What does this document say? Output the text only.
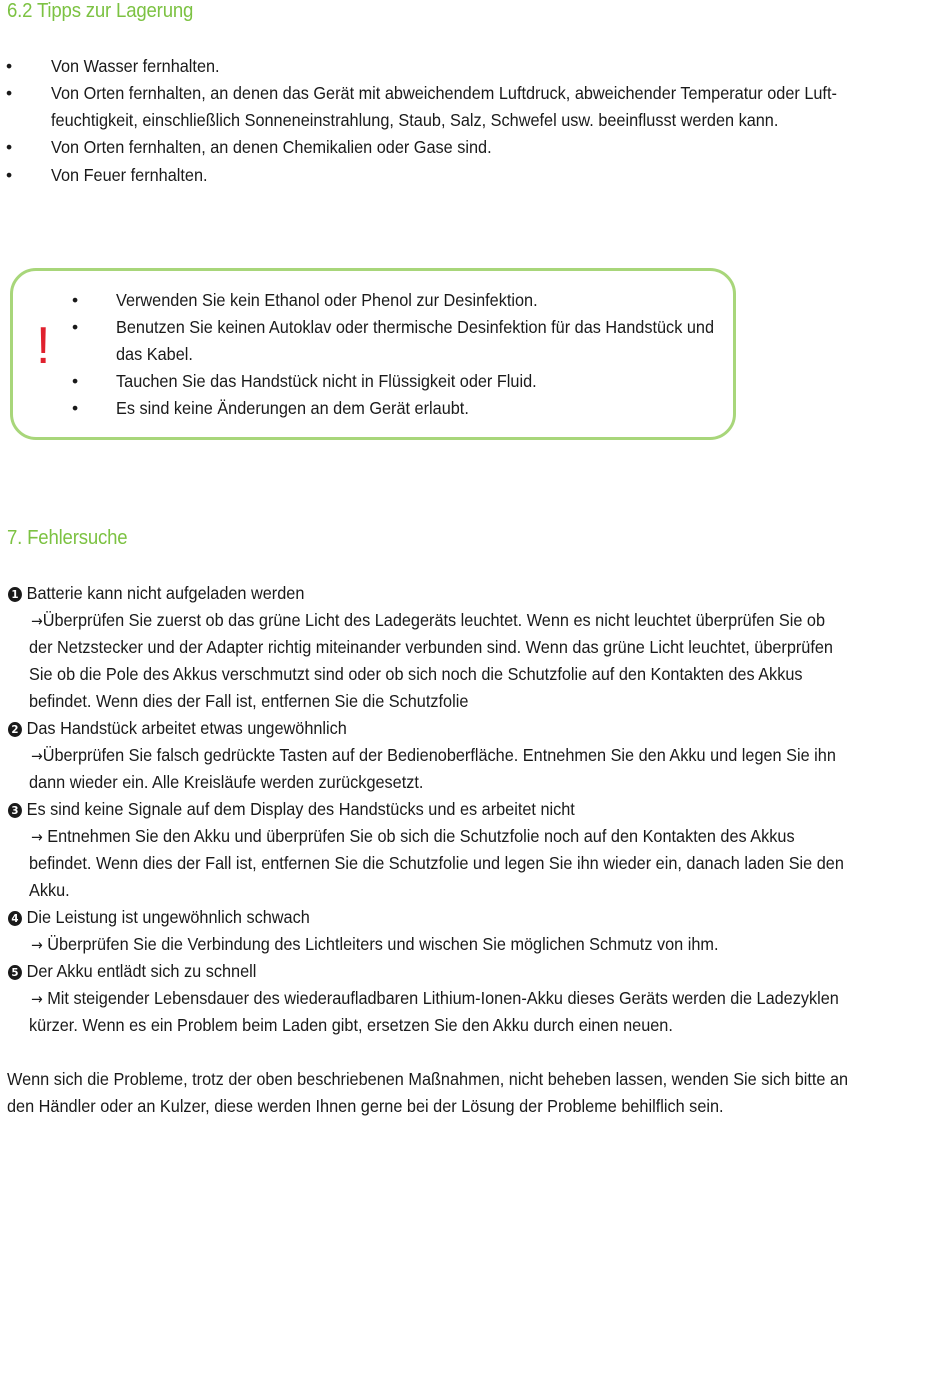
6.2 Tipps zur Lagerung
• Von Wasser fernhalten.
• Von Orten fernhalten, an denen das Gerät mit abweichendem Luftdruck, abweichender Temperatur oder Luft-
feuchtigkeit, einschließlich Sonneneinstrahlung, Staub, Salz, Schwefel usw. beeinflusst werden kann.
• Von Orten fernhalten, an denen Chemikalien oder Gase sind.
• Von Feuer fernhalten.
!
• Verwenden Sie kein Ethanol oder Phenol zur Desinfektion.
• Benutzen Sie keinen Autoklav oder thermische Desinfektion für das Handstück und
das Kabel.
• Tauchen Sie das Handstück nicht in Flüssigkeit oder Fluid.
• Es sind keine Änderungen an dem Gerät erlaubt.
7. Fehlersuche
1 Batterie kann nicht aufgeladen werden
→Überprüfen Sie zuerst ob das grüne Licht des Ladegeräts leuchtet. Wenn es nicht leuchtet überprüfen Sie ob
der Netzstecker und der Adapter richtig miteinander verbunden sind. Wenn das grüne Licht leuchtet, überprüfen
Sie ob die Pole des Akkus verschmutzt sind oder ob sich noch die Schutzfolie auf den Kontakten des Akkus
befindet. Wenn dies der Fall ist, entfernen Sie die Schutzfolie
2 Das Handstück arbeitet etwas ungewöhnlich
→Überprüfen Sie falsch gedrückte Tasten auf der Bedienoberfläche. Entnehmen Sie den Akku und legen Sie ihn
dann wieder ein. Alle Kreisläufe werden zurückgesetzt.
3 Es sind keine Signale auf dem Display des Handstücks und es arbeitet nicht
→ Entnehmen Sie den Akku und überprüfen Sie ob sich die Schutzfolie noch auf den Kontakten des Akkus
befindet. Wenn dies der Fall ist, entfernen Sie die Schutzfolie und legen Sie ihn wieder ein, danach laden Sie den
Akku.
4 Die Leistung ist ungewöhnlich schwach
→ Überprüfen Sie die Verbindung des Lichtleiters und wischen Sie möglichen Schmutz von ihm.
5 Der Akku entlädt sich zu schnell
→ Mit steigender Lebensdauer des wiederaufladbaren Lithium-Ionen-Akku dieses Geräts werden die Ladezyklen
kürzer. Wenn es ein Problem beim Laden gibt, ersetzen Sie den Akku durch einen neuen.
Wenn sich die Probleme, trotz der oben beschriebenen Maßnahmen, nicht beheben lassen, wenden Sie sich bitte an
den Händler oder an Kulzer, diese werden Ihnen gerne bei der Lösung der Probleme behilflich sein.
